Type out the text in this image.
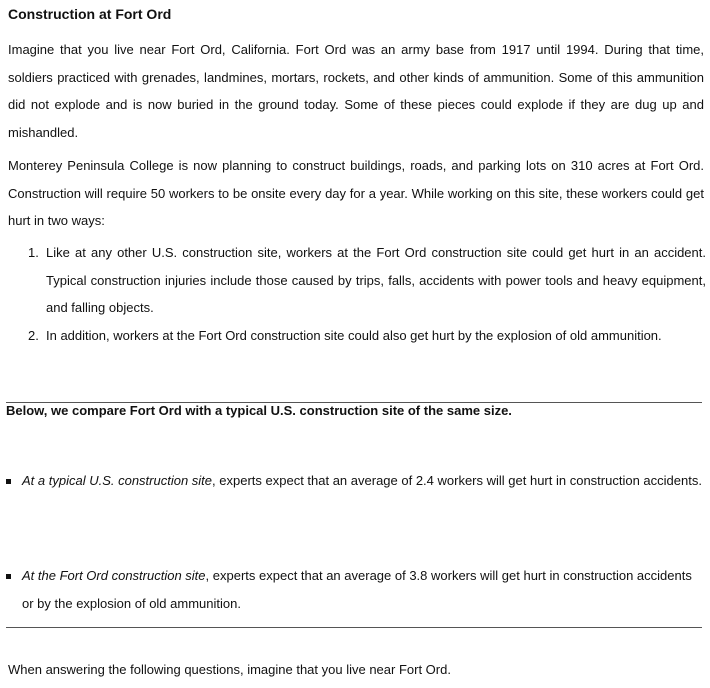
Construction at Fort Ord

Imagine that you live near Fort Ord, California. Fort Ord was an army base from 1917 until 1994. During that time, soldiers practiced with grenades, landmines, mortars, rockets, and other kinds of ammunition. Some of this ammunition did not explode and is now buried in the ground today. Some of these pieces could explode if they are dug up and mishandled.

Monterey Peninsula College is now planning to construct buildings, roads, and parking lots on 310 acres at Fort Ord. Construction will require 50 workers to be onsite every day for a year. While working on this site, these workers could get hurt in two ways:

1. Like at any other U.S. construction site, workers at the Fort Ord construction site could get hurt in an accident. Typical construction injuries include those caused by trips, falls, accidents with power tools and heavy equipment, and falling objects.
2. In addition, workers at the Fort Ord construction site could also get hurt by the explosion of old ammunition.

Below, we compare Fort Ord with a typical U.S. construction site of the same size.

At a typical U.S. construction site, experts expect that an average of 2.4 workers will get hurt in construction accidents.

At the Fort Ord construction site, experts expect that an average of 3.8 workers will get hurt in construction accidents or by the explosion of old ammunition.

When answering the following questions, imagine that you live near Fort Ord.
